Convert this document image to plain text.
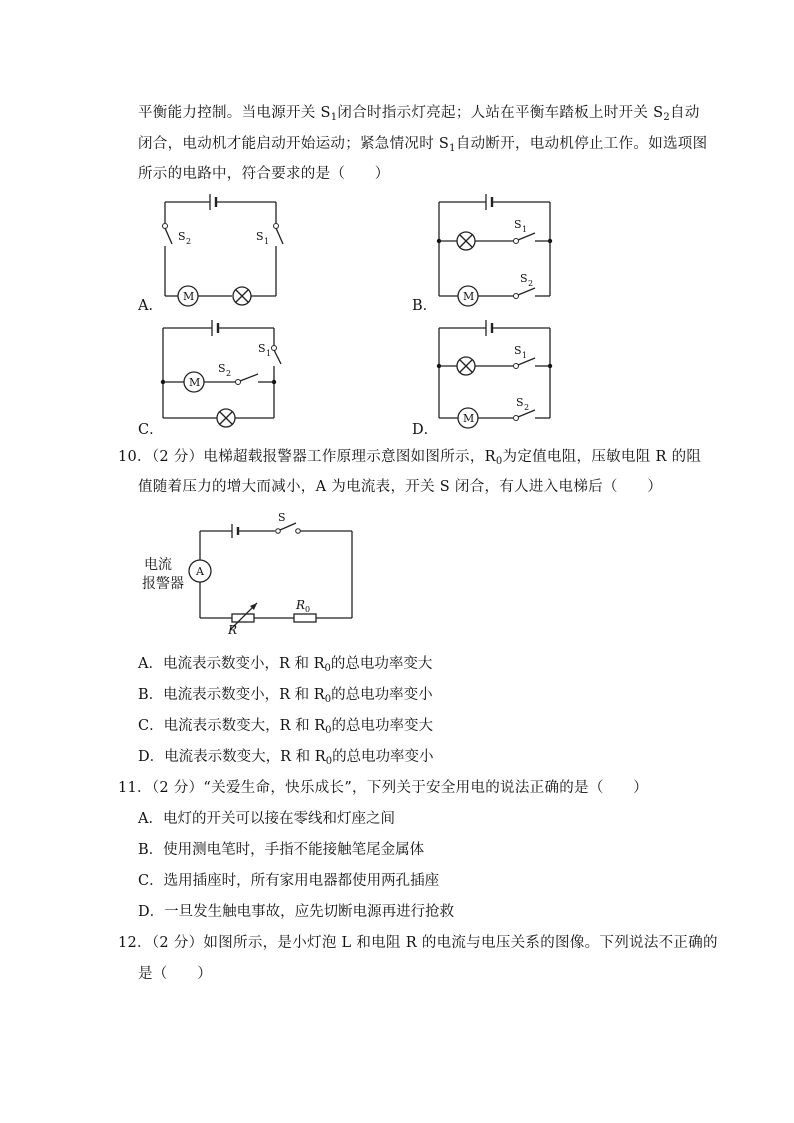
平衡能力控制。当电源开关 $S_1$闭合时指示灯亮起；人站在平衡车踏板上时开关 $S_2$自动
闭合，电动机才能启动开始运动；紧急情况时 $S_1$自动断开，电动机停止工作。如选项图
所示的电路中，符合要求的是（　　）
S 2	S 1
M
A．
S 1
M
S 2
B．
S 1
M
S 2
C．
S 1
M
S 2
D．
10．（2 分）电梯超载报警器工作原理示意图如图所示，$R_0$为定值电阻，压敏电阻 R 的阻
值随着压力的增大而减小，A 为电流表，开关 S 闭合，有人进入电梯后（　　）
S
A
R
R 0
电流
报警器
A．电流表示数变小，R 和 $R_0$的总电功率变大
B．电流表示数变小，R 和 $R_0$的总电功率变小
C．电流表示数变大，R 和 $R_0$的总电功率变大
D．电流表示数变大，R 和 $R_0$的总电功率变小
11．（2 分）“关爱生命，快乐成长”，下列关于安全用电的说法正确的是（　　）
A．电灯的开关可以接在零线和灯座之间
B．使用测电笔时，手指不能接触笔尾金属体
C．选用插座时，所有家用电器都使用两孔插座
D．一旦发生触电事故，应先切断电源再进行抢救
12．（2 分）如图所示，是小灯泡 L 和电阻 R 的电流与电压关系的图像。下列说法不正确的
是（　　）
